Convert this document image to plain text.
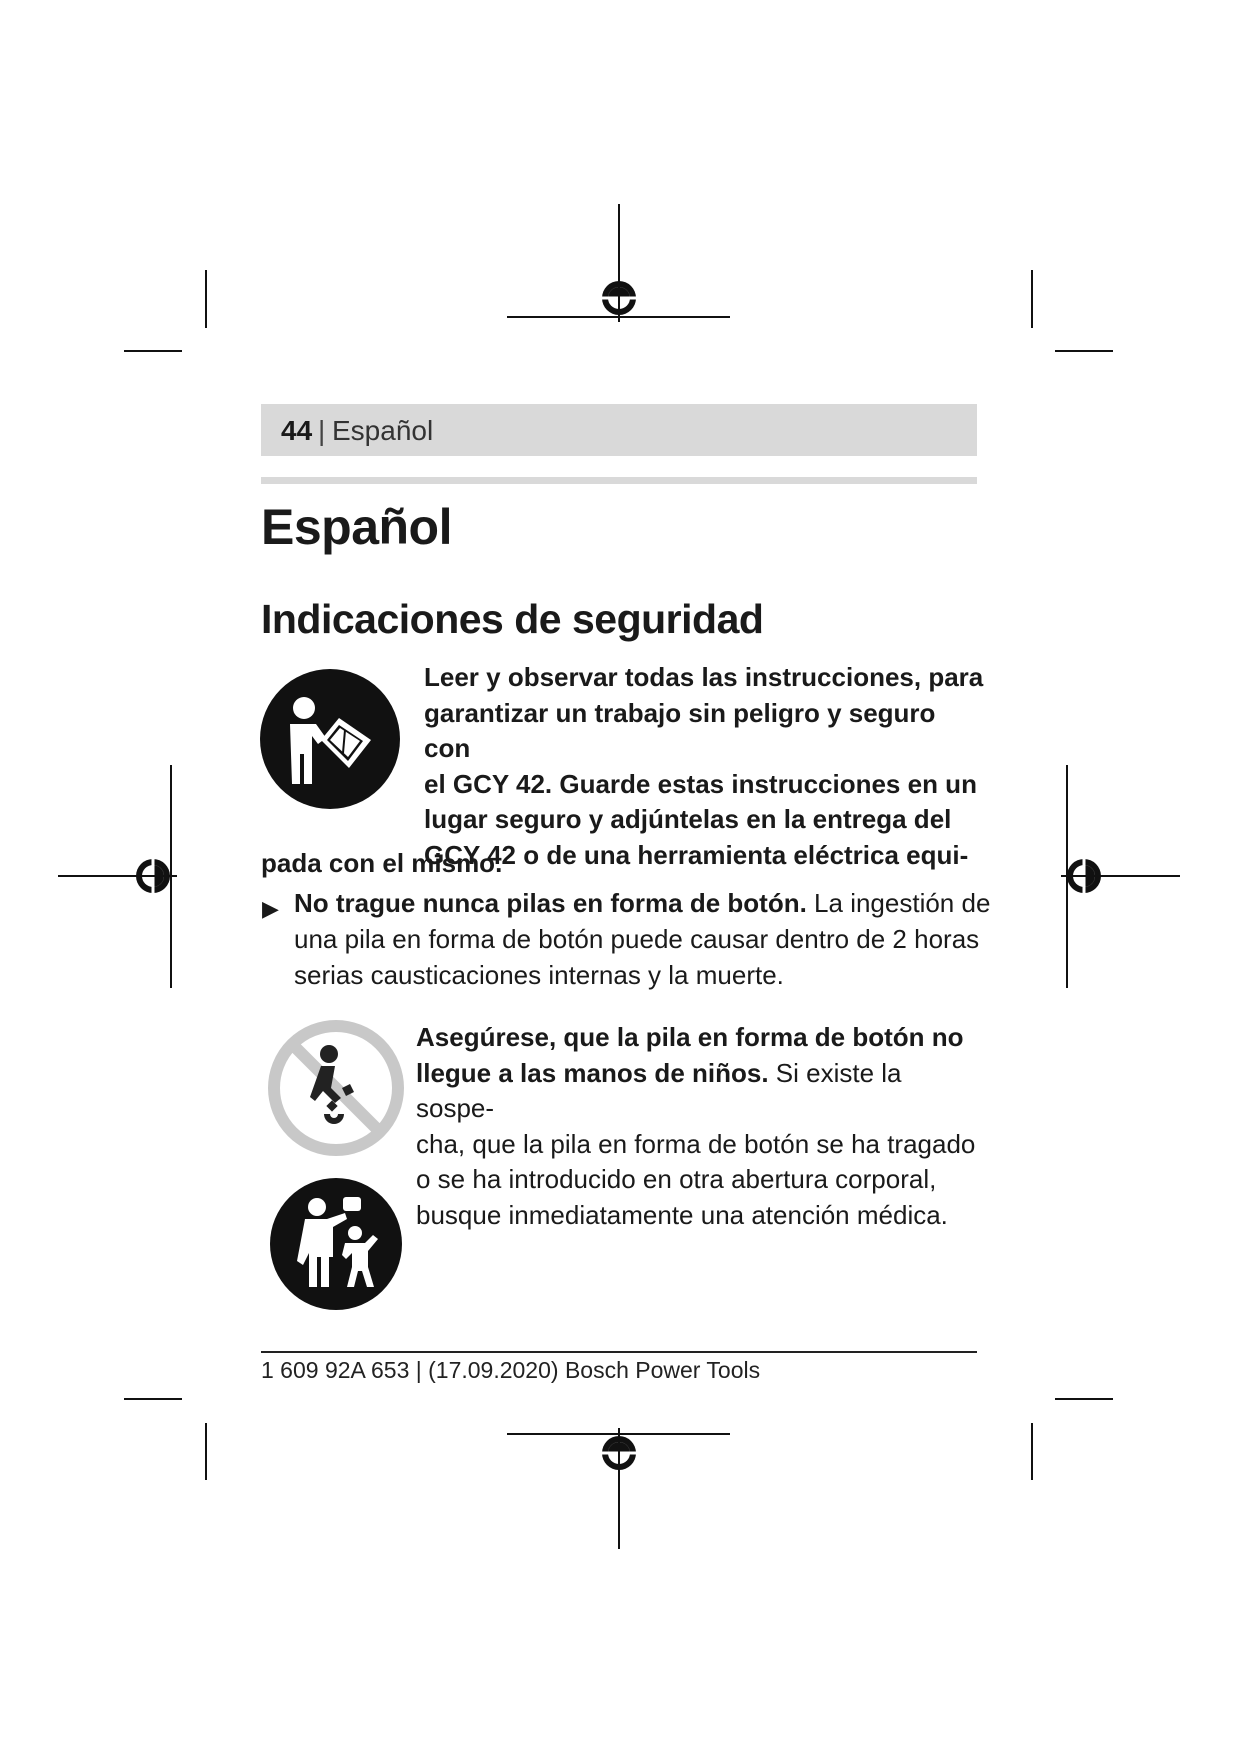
44 | Español
Español
Indicaciones de seguridad

Leer y observar todas las instrucciones, para

garantizar un trabajo sin peligro y seguro con

el GCY 42. Guarde estas instrucciones en un

lugar seguro y adjúntelas en la entrega del

GCY 42 o de una herramienta eléctrica equi-

pada con el mismo.

▶ No trague nunca pilas en forma de botón. La ingestión de

una pila en forma de botón puede causar dentro de 2 horas

serias causticaciones internas y la muerte.

Asegúrese, que la pila en forma de botón no

llegue a las manos de niños. Si existe la sospe-

cha, que la pila en forma de botón se ha tragado

o se ha introducido en otra abertura corporal,

busque inmediatamente una atención médica.

1 609 92A 653 | (17.09.2020) Bosch Power Tools
